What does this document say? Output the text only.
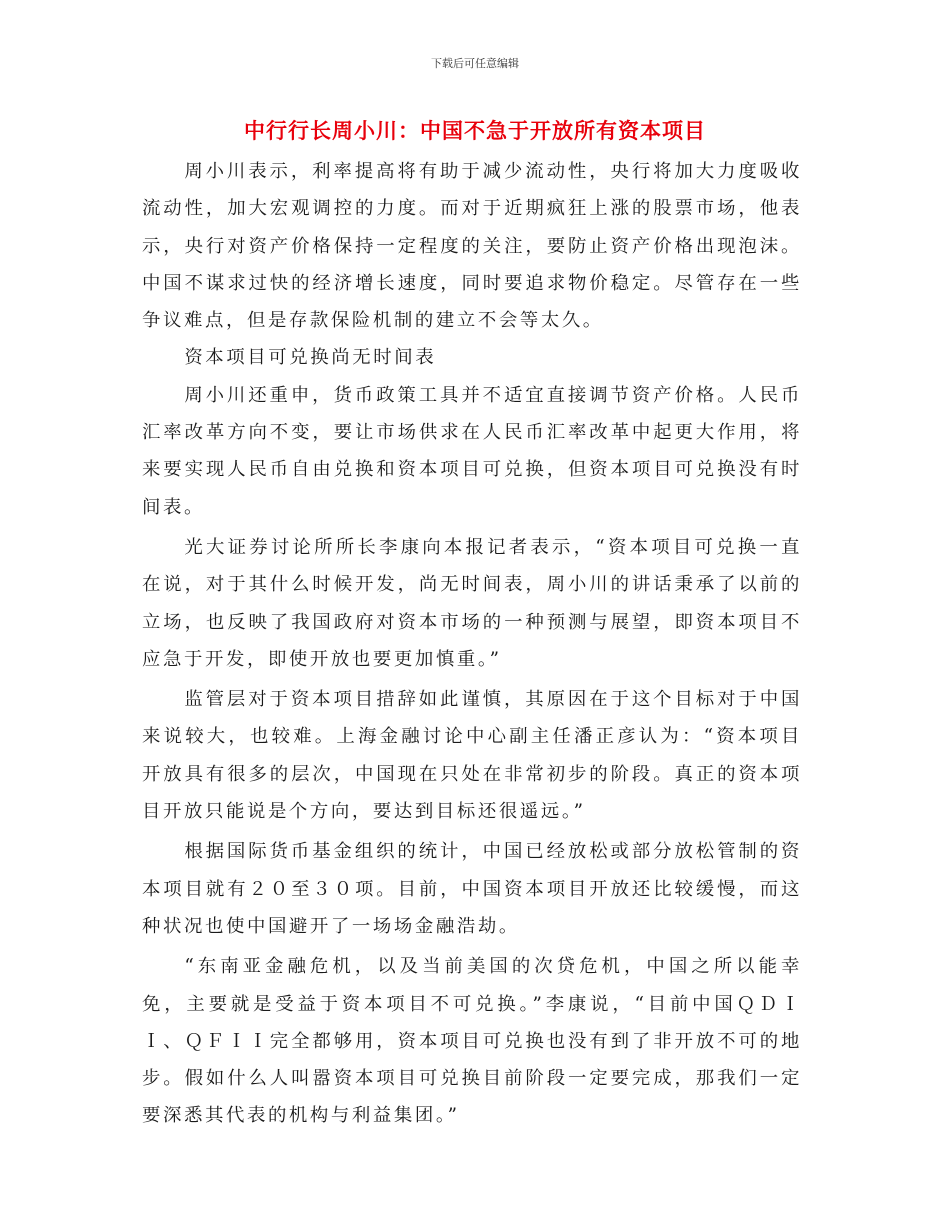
下载后可任意编辑
中行行长周小川：中国不急于开放所有资本项目

周小川表示，利率提高将有助于减少流动性，央行将加大力度吸收流动性，加大宏观调控的力度。而对于近期疯狂上涨的股票市场，他表示，央行对资产价格保持一定程度的关注，要防止资产价格出现泡沫。中国不谋求过快的经济增长速度，同时要追求物价稳定。尽管存在一些争议难点，但是存款保险机制的建立不会等太久。

资本项目可兑换尚无时间表

周小川还重申，货币政策工具并不适宜直接调节资产价格。人民币汇率改革方向不变，要让市场供求在人民币汇率改革中起更大作用，将来要实现人民币自由兑换和资本项目可兑换，但资本项目可兑换没有时间表。

光大证券讨论所所长李康向本报记者表示，“资本项目可兑换一直在说，对于其什么时候开发，尚无时间表，周小川的讲话秉承了以前的立场，也反映了我国政府对资本市场的一种预测与展望，即资本项目不应急于开发，即使开放也要更加慎重。”

监管层对于资本项目措辞如此谨慎，其原因在于这个目标对于中国来说较大，也较难。上海金融讨论中心副主任潘正彦认为：“资本项目开放具有很多的层次，中国现在只处在非常初步的阶段。真正的资本项目开放只能说是个方向，要达到目标还很遥远。”

根据国际货币基金组织的统计，中国已经放松或部分放松管制的资本项目就有２０至３０项。目前，中国资本项目开放还比较缓慢，而这种状况也使中国避开了一场场金融浩劫。

“东南亚金融危机，以及当前美国的次贷危机，中国之所以能幸免，主要就是受益于资本项目不可兑换。”李康说，“目前中国ＱＤＩＩ、ＱＦＩＩ完全都够用，资本项目可兑换也没有到了非开放不可的地步。假如什么人叫嚣资本项目可兑换目前阶段一定要完成，那我们一定要深悉其代表的机构与利益集团。”
